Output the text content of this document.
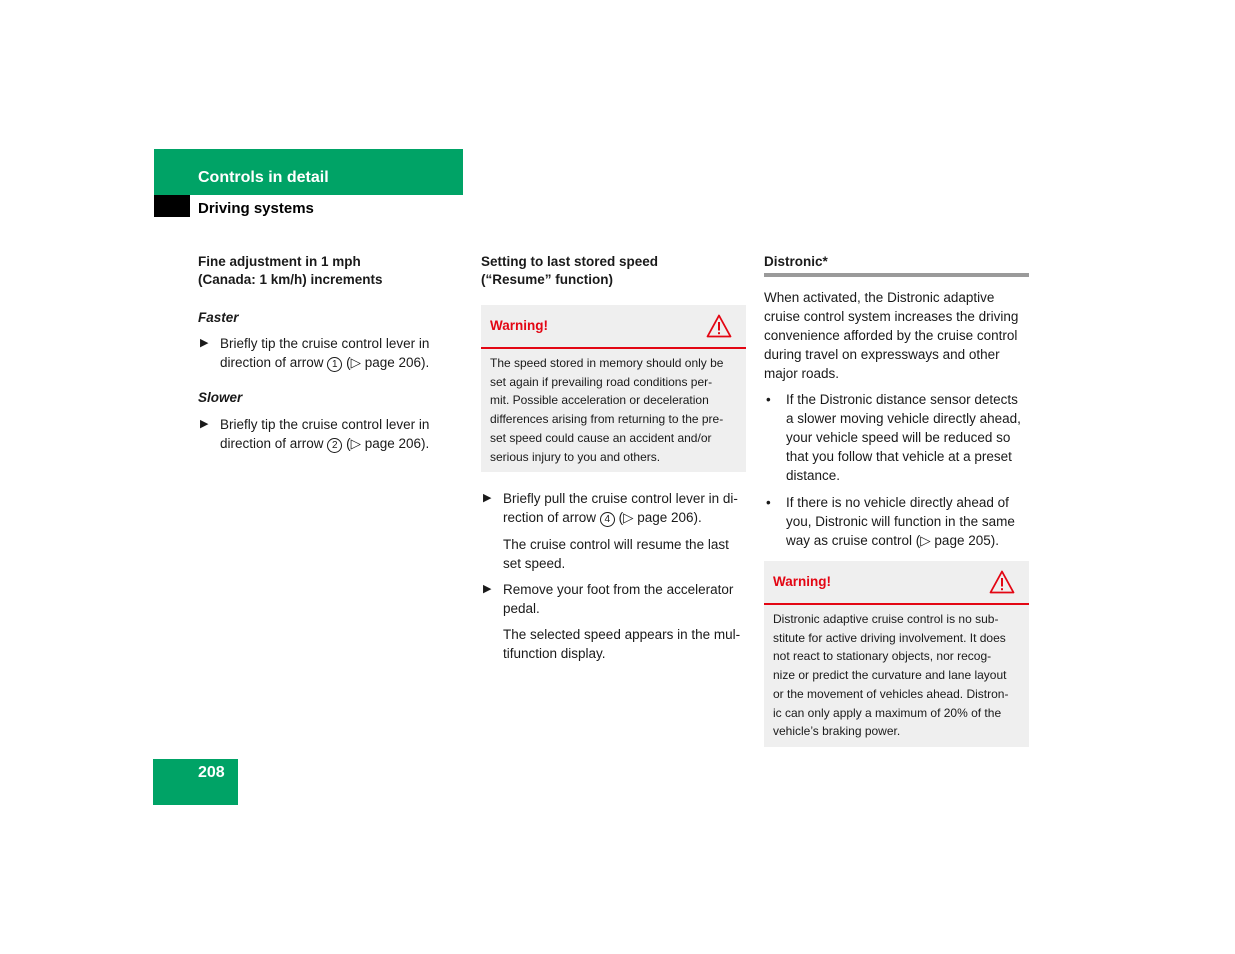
Controls in detail
Driving systems

Fine adjustment in 1 mph
(Canada: 1 km/h) increments

Faster

▶ Briefly tip the cruise control lever in
direction of arrow 1 (▷ page 206).

Slower

▶ Briefly tip the cruise control lever in
direction of arrow 2 (▷ page 206).

Setting to last stored speed
(“Resume” function)

Warning!
The speed stored in memory should only be
set again if prevailing road conditions per-
mit. Possible acceleration or deceleration
differences arising from returning to the pre-
set speed could cause an accident and/or
serious injury to you and others.

▶ Briefly pull the cruise control lever in di-
rection of arrow 4 (▷ page 206).

The cruise control will resume the last
set speed.

▶ Remove your foot from the accelerator
pedal.

The selected speed appears in the mul-
tifunction display.

Distronic*

When activated, the Distronic adaptive
cruise control system increases the driving
convenience afforded by the cruise control
during travel on expressways and other
major roads.

• If the Distronic distance sensor detects
a slower moving vehicle directly ahead,
your vehicle speed will be reduced so
that you follow that vehicle at a preset
distance.

• If there is no vehicle directly ahead of
you, Distronic will function in the same
way as cruise control (▷ page 205).

Warning!
Distronic adaptive cruise control is no sub-
stitute for active driving involvement. It does
not react to stationary objects, nor recog-
nize or predict the curvature and lane layout
or the movement of vehicles ahead. Distron-
ic can only apply a maximum of 20% of the
vehicle’s braking power.
208
